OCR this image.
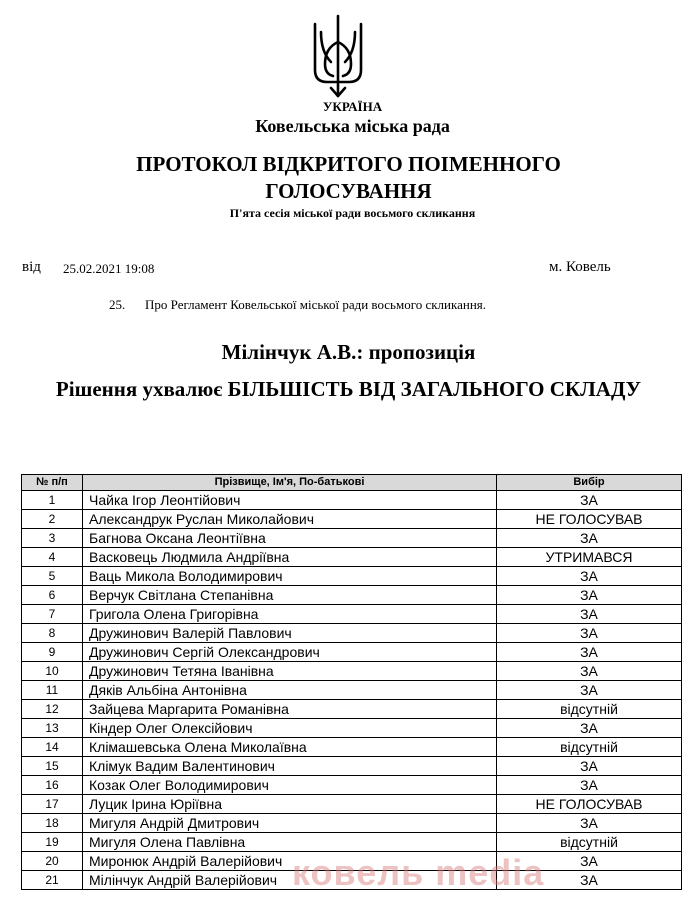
УКРАЇНА
Ковельська міська рада
ПРОТОКОЛ ВІДКРИТОГО ПОІМЕННОГО ГОЛОСУВАННЯ
П'ята сесія міської ради восьмого скликання
від 25.02.2021 19:08	м. Ковель
25. Про Регламент Ковельської міської ради восьмого скликання.
Мілінчук А.В.: пропозиція
Рішення ухвалює БІЛЬШІСТЬ ВІД ЗАГАЛЬНОГО СКЛАДУ
№ п/п	Прізвище, Ім'я, По-батькові	Вибір
1	Чайка Ігор Леонтійович	ЗА
2	Александрук Руслан Миколайович	НЕ ГОЛОСУВАВ
3	Багнова Оксана Леонтіївна	ЗА
4	Васковець Людмила Андріївна	УТРИМАВСЯ
5	Ваць Микола Володимирович	ЗА
6	Верчук Світлана Степанівна	ЗА
7	Григола Олена Григорівна	ЗА
8	Дружинович Валерій Павлович	ЗА
9	Дружинович Сергій Олександрович	ЗА
10	Дружинович Тетяна Іванівна	ЗА
11	Дяків Альбіна Антонівна	ЗА
12	Зайцева Маргарита Романівна	відсутній
13	Кіндер Олег Олексійович	ЗА
14	Клімашевська Олена Миколаївна	відсутній
15	Клімук Вадим Валентинович	ЗА
16	Козак Олег Володимирович	ЗА
17	Луцик Ірина Юріївна	НЕ ГОЛОСУВАВ
18	Мигуля Андрій Дмитрович	ЗА
19	Мигуля Олена Павлівна	відсутній
20	Миронюк Андрій Валерійович	ЗА
21	Мілінчук Андрій Валерійович	ЗА
ковель media
